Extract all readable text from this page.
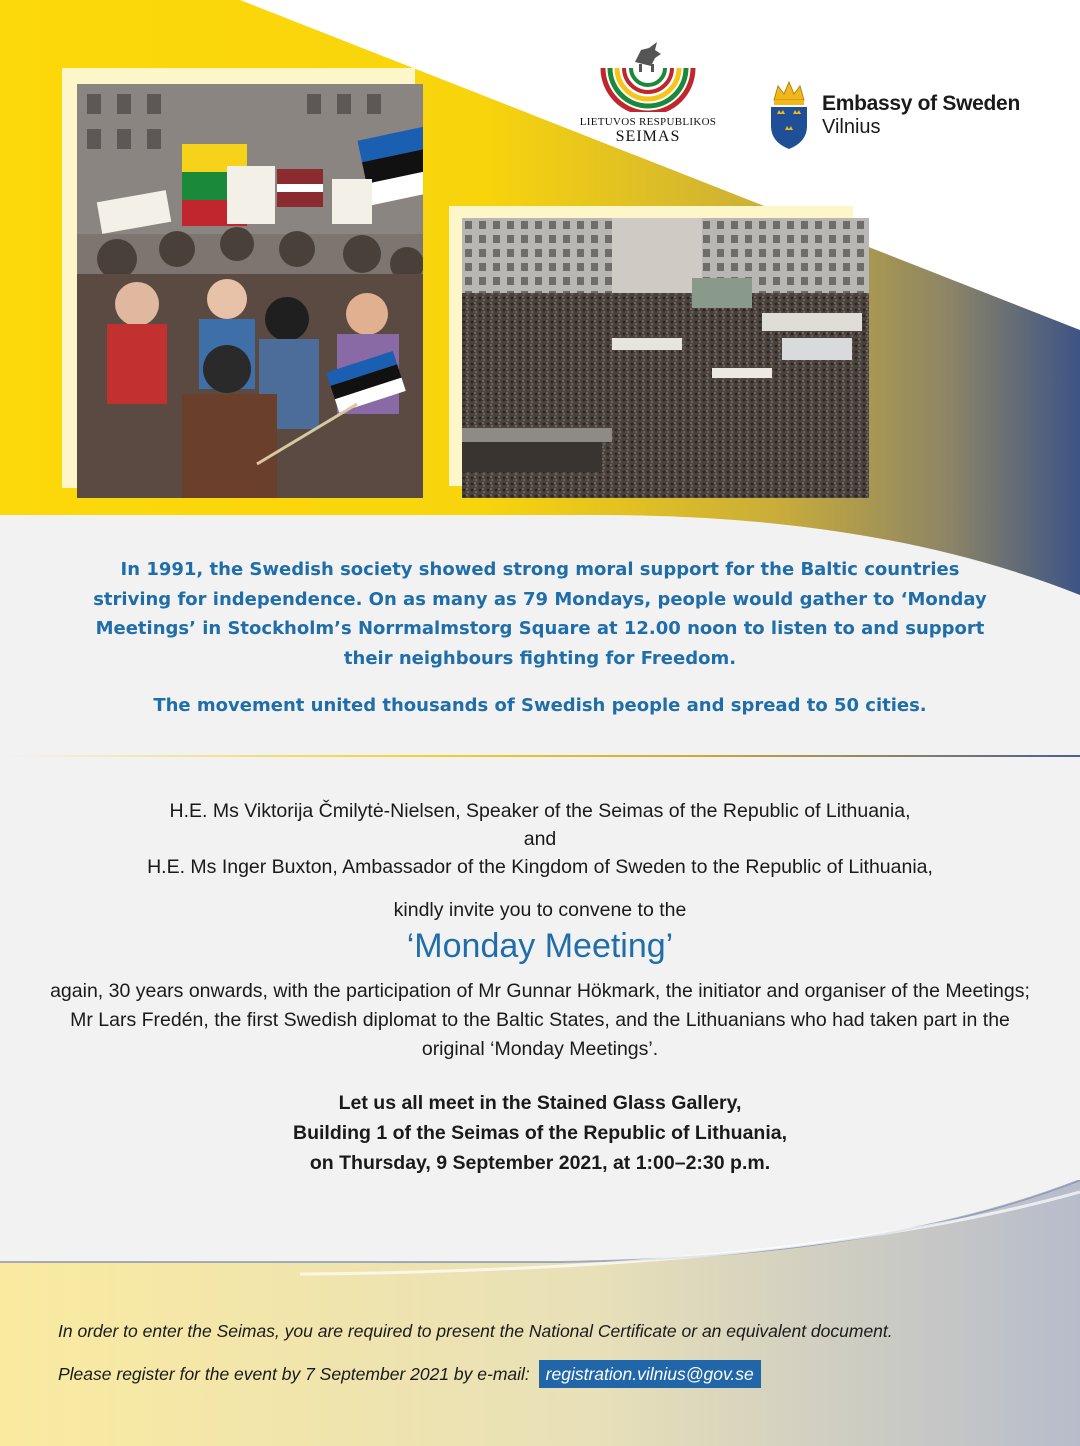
LIETUVOS RESPUBLIKOS
SEIMAS
Embassy of Sweden
Vilnius

In 1991, the Swedish society showed strong moral support for the Baltic countries striving for independence. On as many as 79 Mondays, people would gather to ‘Monday Meetings’ in Stockholm’s Norrmalmstorg Square at 12.00 noon to listen to and support their neighbours fighting for Freedom.

The movement united thousands of Swedish people and spread to 50 cities.

H.E. Ms Viktorija Čmilytė-Nielsen, Speaker of the Seimas of the Republic of Lithuania,
and
H.E. Ms Inger Buxton, Ambassador of the Kingdom of Sweden to the Republic of Lithuania,
kindly invite you to convene to the
‘Monday Meeting’
again, 30 years onwards, with the participation of Mr Gunnar Hökmark, the initiator and organiser of the Meetings; Mr Lars Fredén, the first Swedish diplomat to the Baltic States, and the Lithuanians who had taken part in the original ‘Monday Meetings’.
Let us all meet in the Stained Glass Gallery,
Building 1 of the Seimas of the Republic of Lithuania,
on Thursday, 9 September 2021, at 1:00–2:30 p.m.
In order to enter the Seimas, you are required to present the National Certificate or an equivalent document.
Please register for the event by 7 September 2021 by e-mail: registration.vilnius@gov.se
